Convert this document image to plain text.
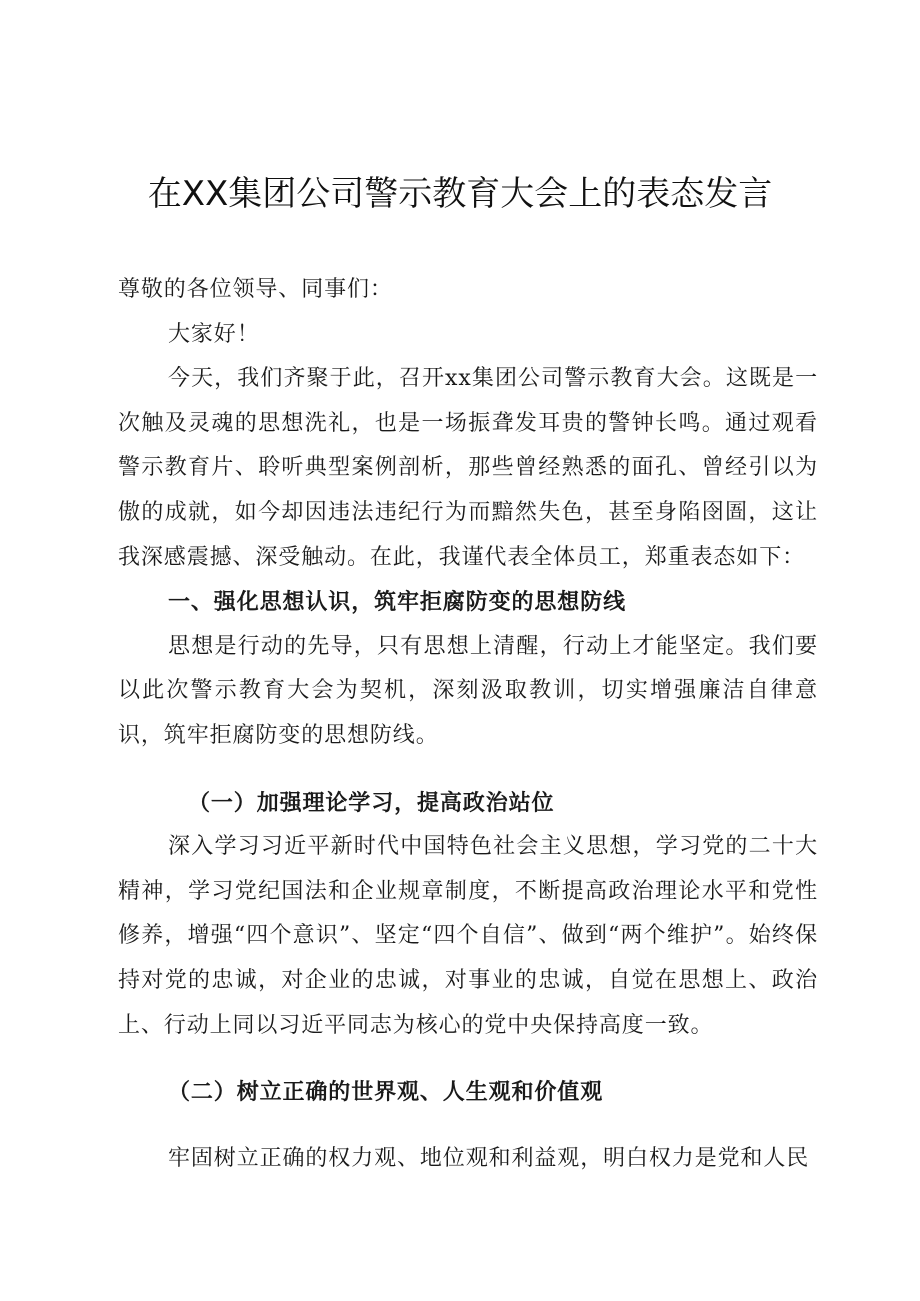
在XX集团公司警示教育大会上的表态发言

尊敬的各位领导、同事们：

大家好！

今天，我们齐聚于此，召开xx集团公司警示教育大会。这既是一次触及灵魂的思想洗礼，也是一场振聋发耳贵的警钟长鸣。通过观看警示教育片、聆听典型案例剖析，那些曾经熟悉的面孔、曾经引以为傲的成就，如今却因违法违纪行为而黯然失色，甚至身陷囹圄，这让我深感震撼、深受触动。在此，我谨代表全体员工，郑重表态如下：

一、强化思想认识，筑牢拒腐防变的思想防线

思想是行动的先导，只有思想上清醒，行动上才能坚定。我们要以此次警示教育大会为契机，深刻汲取教训，切实增强廉洁自律意识，筑牢拒腐防变的思想防线。

（一）加强理论学习，提高政治站位

深入学习习近平新时代中国特色社会主义思想，学习党的二十大精神，学习党纪国法和企业规章制度，不断提高政治理论水平和党性修养，增强“四个意识”、坚定“四个自信”、做到“两个维护”。始终保持对党的忠诚，对企业的忠诚，对事业的忠诚，自觉在思想上、政治上、行动上同以习近平同志为核心的党中央保持高度一致。

（二）树立正确的世界观、人生观和价值观

牢固树立正确的权力观、地位观和利益观，明白权力是党和人民
